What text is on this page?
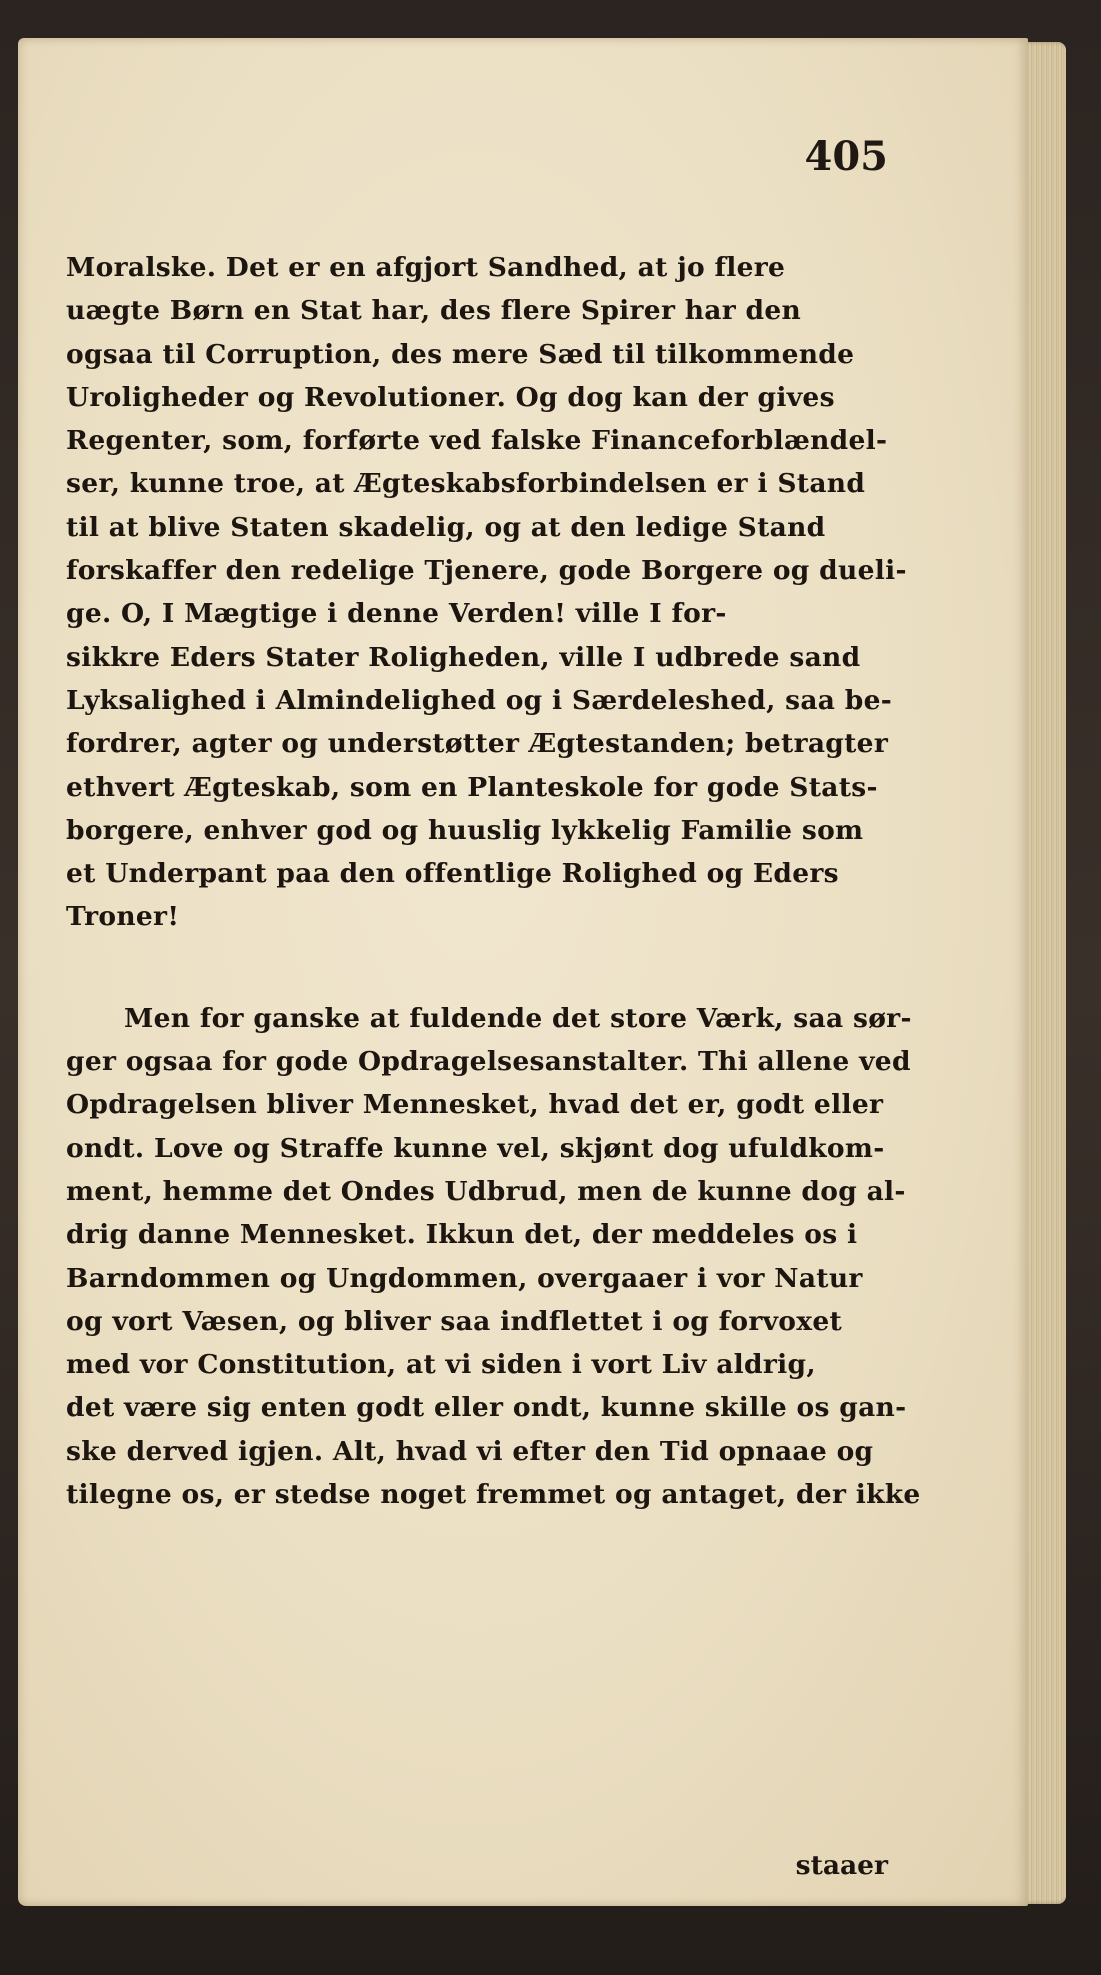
405
Moralske. Det er en afgjort Sandhed, at jo flere
uægte Børn en Stat har, des flere Spirer har den
ogsaa til Corruption, des mere Sæd til tilkommende
Uroligheder og Revolutioner. Og dog kan der gives
Regenter, som, forførte ved falske Financeforblændel-
ser, kunne troe, at Ægteskabsforbindelsen er i Stand
til at blive Staten skadelig, og at den ledige Stand
forskaffer den redelige Tjenere, gode Borgere og dueli-
ge. O, I Mægtige i denne Verden! ville I for-
sikkre Eders Stater Roligheden, ville I udbrede sand
Lyksalighed i Almindelighed og i Særdeleshed, saa be-
fordrer, agter og understøtter Ægtestanden; betragter
ethvert Ægteskab, som en Planteskole for gode Stats-
borgere, enhver god og huuslig lykkelig Familie som
et Underpant paa den offentlige Rolighed og Eders
Troner!
Men for ganske at fuldende det store Værk, saa sør-
ger ogsaa for gode Opdragelsesanstalter. Thi allene ved
Opdragelsen bliver Mennesket, hvad det er, godt eller
ondt. Love og Straffe kunne vel, skjønt dog ufuldkom-
ment, hemme det Ondes Udbrud, men de kunne dog al-
drig danne Mennesket. Ikkun det, der meddeles os i
Barndommen og Ungdommen, overgaaer i vor Natur
og vort Væsen, og bliver saa indflettet i og forvoxet
med vor Constitution, at vi siden i vort Liv aldrig,
det være sig enten godt eller ondt, kunne skille os gan-
ske derved igjen. Alt, hvad vi efter den Tid opnaae og
tilegne os, er stedse noget fremmet og antaget, der ikke
staaer
